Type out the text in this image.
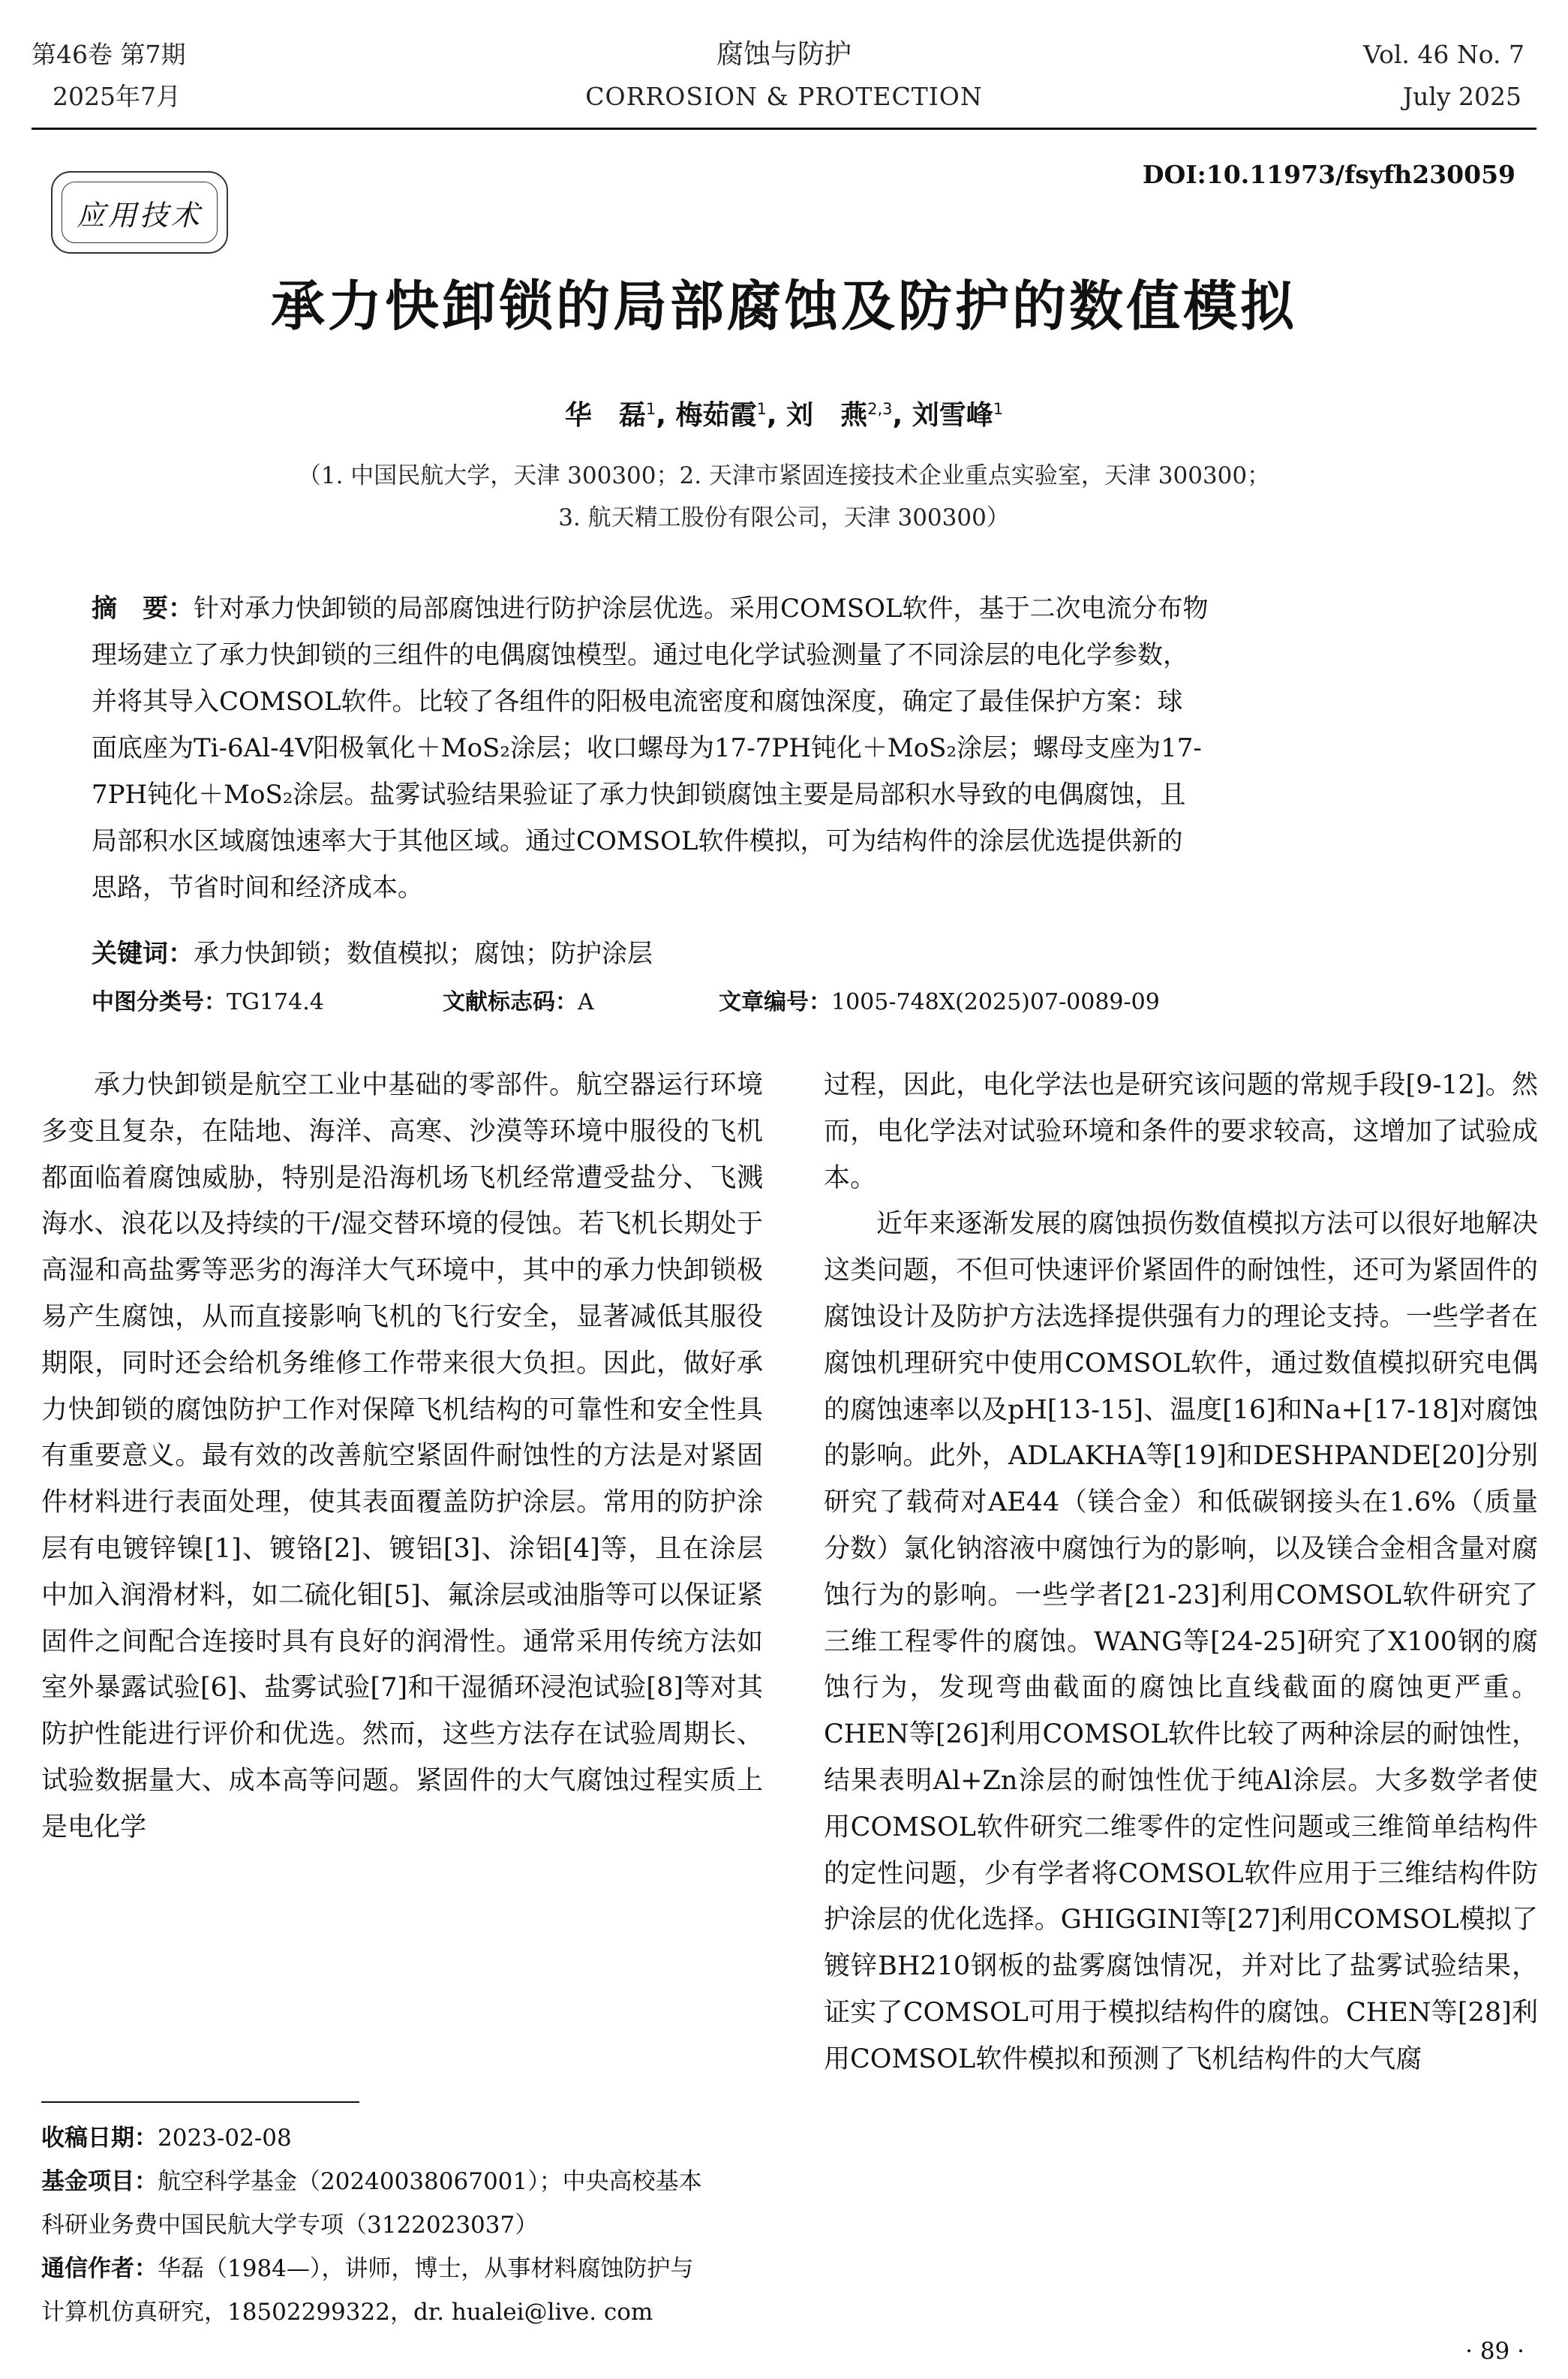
第46卷 第7期
2025年7月
腐蚀与防护
CORROSION & PROTECTION
Vol. 46 No. 7
July 2025
DOI:10.11973/fsyfh230059
应用技术
承力快卸锁的局部腐蚀及防护的数值模拟
华　磊$^1$, 梅茹霞$^1$, 刘　燕$^{2,3}$, 刘雪峰$^1$
（1. 中国民航大学，天津 300300；2. 天津市紧固连接技术企业重点实验室，天津 300300；
3. 航天精工股份有限公司，天津 300300）
摘　要：针对承力快卸锁的局部腐蚀进行防护涂层优选。采用COMSOL软件，基于二次电流分布物
理场建立了承力快卸锁的三组件的电偶腐蚀模型。通过电化学试验测量了不同涂层的电化学参数，
并将其导入COMSOL软件。比较了各组件的阳极电流密度和腐蚀深度，确定了最佳保护方案：球
面底座为Ti-6Al-4V阳极氧化＋MoS₂涂层；收口螺母为17-7PH钝化＋MoS₂涂层；螺母支座为17-
7PH钝化＋MoS₂涂层。盐雾试验结果验证了承力快卸锁腐蚀主要是局部积水导致的电偶腐蚀，且
局部积水区域腐蚀速率大于其他区域。通过COMSOL软件模拟，可为结构件的涂层优选提供新的
思路，节省时间和经济成本。
关键词：承力快卸锁；数值模拟；腐蚀；防护涂层
中图分类号：TG174.4	文献标志码：A	文章编号：1005-748X(2025)07-0089-09

承力快卸锁是航空工业中基础的零部件。航空器运行环境多变且复杂，在陆地、海洋、高寒、沙漠等环境中服役的飞机都面临着腐蚀威胁，特别是沿海机场飞机经常遭受盐分、飞溅海水、浪花以及持续的干/湿交替环境的侵蚀。若飞机长期处于高湿和高盐雾等恶劣的海洋大气环境中，其中的承力快卸锁极易产生腐蚀，从而直接影响飞机的飞行安全，显著减低其服役期限，同时还会给机务维修工作带来很大负担。因此，做好承力快卸锁的腐蚀防护工作对保障飞机结构的可靠性和安全性具有重要意义。最有效的改善航空紧固件耐蚀性的方法是对紧固件材料进行表面处理，使其表面覆盖防护涂层。常用的防护涂层有电镀锌镍[1]、镀铬[2]、镀铝[3]、涂铝[4]等，且在涂层中加入润滑材料，如二硫化钼[5]、氟涂层或油脂等可以保证紧固件之间配合连接时具有良好的润滑性。通常采用传统方法如室外暴露试验[6]、盐雾试验[7]和干湿循环浸泡试验[8]等对其防护性能进行评价和优选。然而，这些方法存在试验周期长、试验数据量大、成本高等问题。紧固件的大气腐蚀过程实质上是电化学

过程，因此，电化学法也是研究该问题的常规手段[9-12]。然而，电化学法对试验环境和条件的要求较高，这增加了试验成本。

近年来逐渐发展的腐蚀损伤数值模拟方法可以很好地解决这类问题，不但可快速评价紧固件的耐蚀性，还可为紧固件的腐蚀设计及防护方法选择提供强有力的理论支持。一些学者在腐蚀机理研究中使用COMSOL软件，通过数值模拟研究电偶的腐蚀速率以及pH[13-15]、温度[16]和Na+[17-18]对腐蚀的影响。此外，ADLAKHA等[19]和DESHPANDE[20]分别研究了载荷对AE44（镁合金）和低碳钢接头在1.6%（质量分数）氯化钠溶液中腐蚀行为的影响，以及镁合金相含量对腐蚀行为的影响。一些学者[21-23]利用COMSOL软件研究了三维工程零件的腐蚀。WANG等[24-25]研究了X100钢的腐蚀行为，发现弯曲截面的腐蚀比直线截面的腐蚀更严重。CHEN等[26]利用COMSOL软件比较了两种涂层的耐蚀性，结果表明Al+Zn涂层的耐蚀性优于纯Al涂层。大多数学者使用COMSOL软件研究二维零件的定性问题或三维简单结构件的定性问题，少有学者将COMSOL软件应用于三维结构件防护涂层的优化选择。GHIGGINI等[27]利用COMSOL模拟了镀锌BH210钢板的盐雾腐蚀情况，并对比了盐雾试验结果，证实了COMSOL可用于模拟结构件的腐蚀。CHEN等[28]利用COMSOL软件模拟和预测了飞机结构件的大气腐

收稿日期：2023-02-08
基金项目：航空科学基金（20240038067001）；中央高校基本
科研业务费中国民航大学专项（3122023037）
通信作者：华磊（1984—），讲师，博士，从事材料腐蚀防护与
计算机仿真研究，18502299322，dr. hualei@live. com
· 89 ·
